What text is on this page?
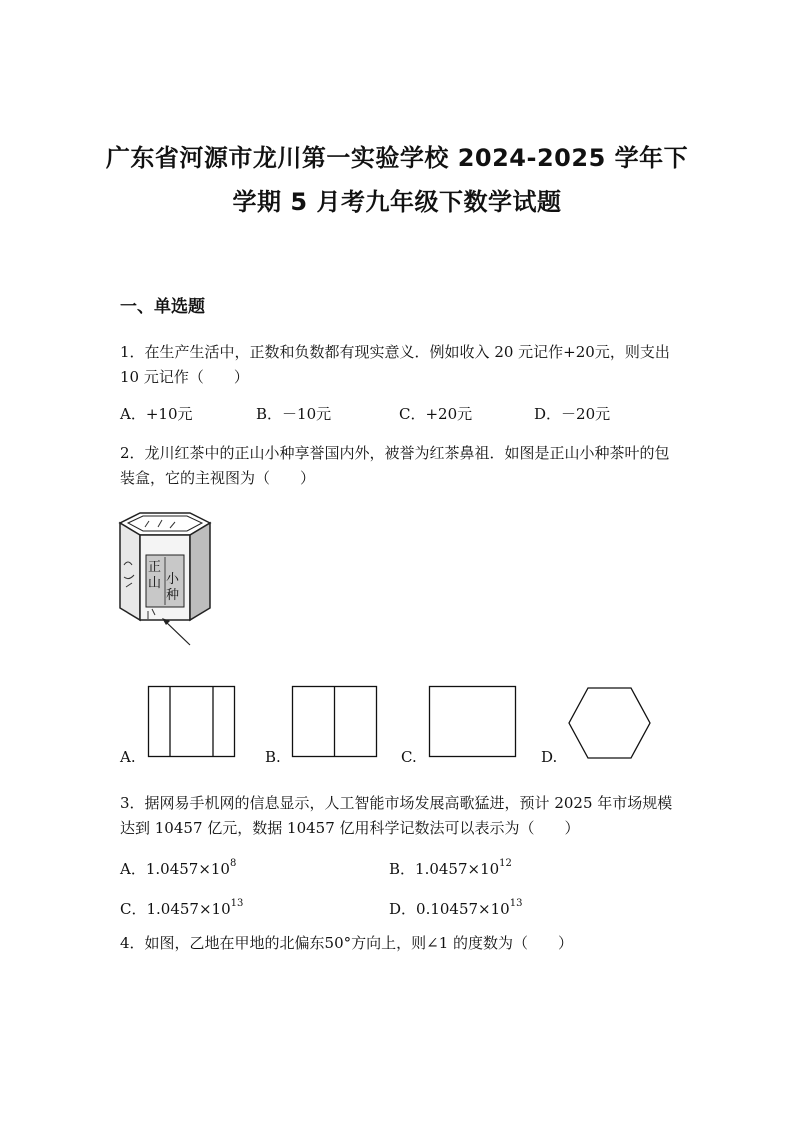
广东省河源市龙川第一实验学校 2024-2025 学年下
学期 5 月考九年级下数学试题
一、单选题
1．在生产生活中，正数和负数都有现实意义．例如收入 20 元记作+20元，则支出10 元记作（　　）
A．+10元	B．－10元	C．+20元	D．－20元
2．龙川红茶中的正山小种享誉国内外，被誉为红茶鼻祖．如图是正山小种茶叶的包装盒，它的主视图为（　　）
正
山 小
种
A.	B.	C.	D.
3．据网易手机网的信息显示，人工智能市场发展高歌猛进，预计 2025 年市场规模达到 10457 亿元，数据 10457 亿用科学记数法可以表示为（　　）
A．$1.0457\times 10^8$	B．$1.0457\times 10^{12}$
C．$1.0457\times 10^{13}$	D．$0.10457\times 10^{13}$
4．如图，乙地在甲地的北偏东50°方向上，则∠1 的度数为（　　）
